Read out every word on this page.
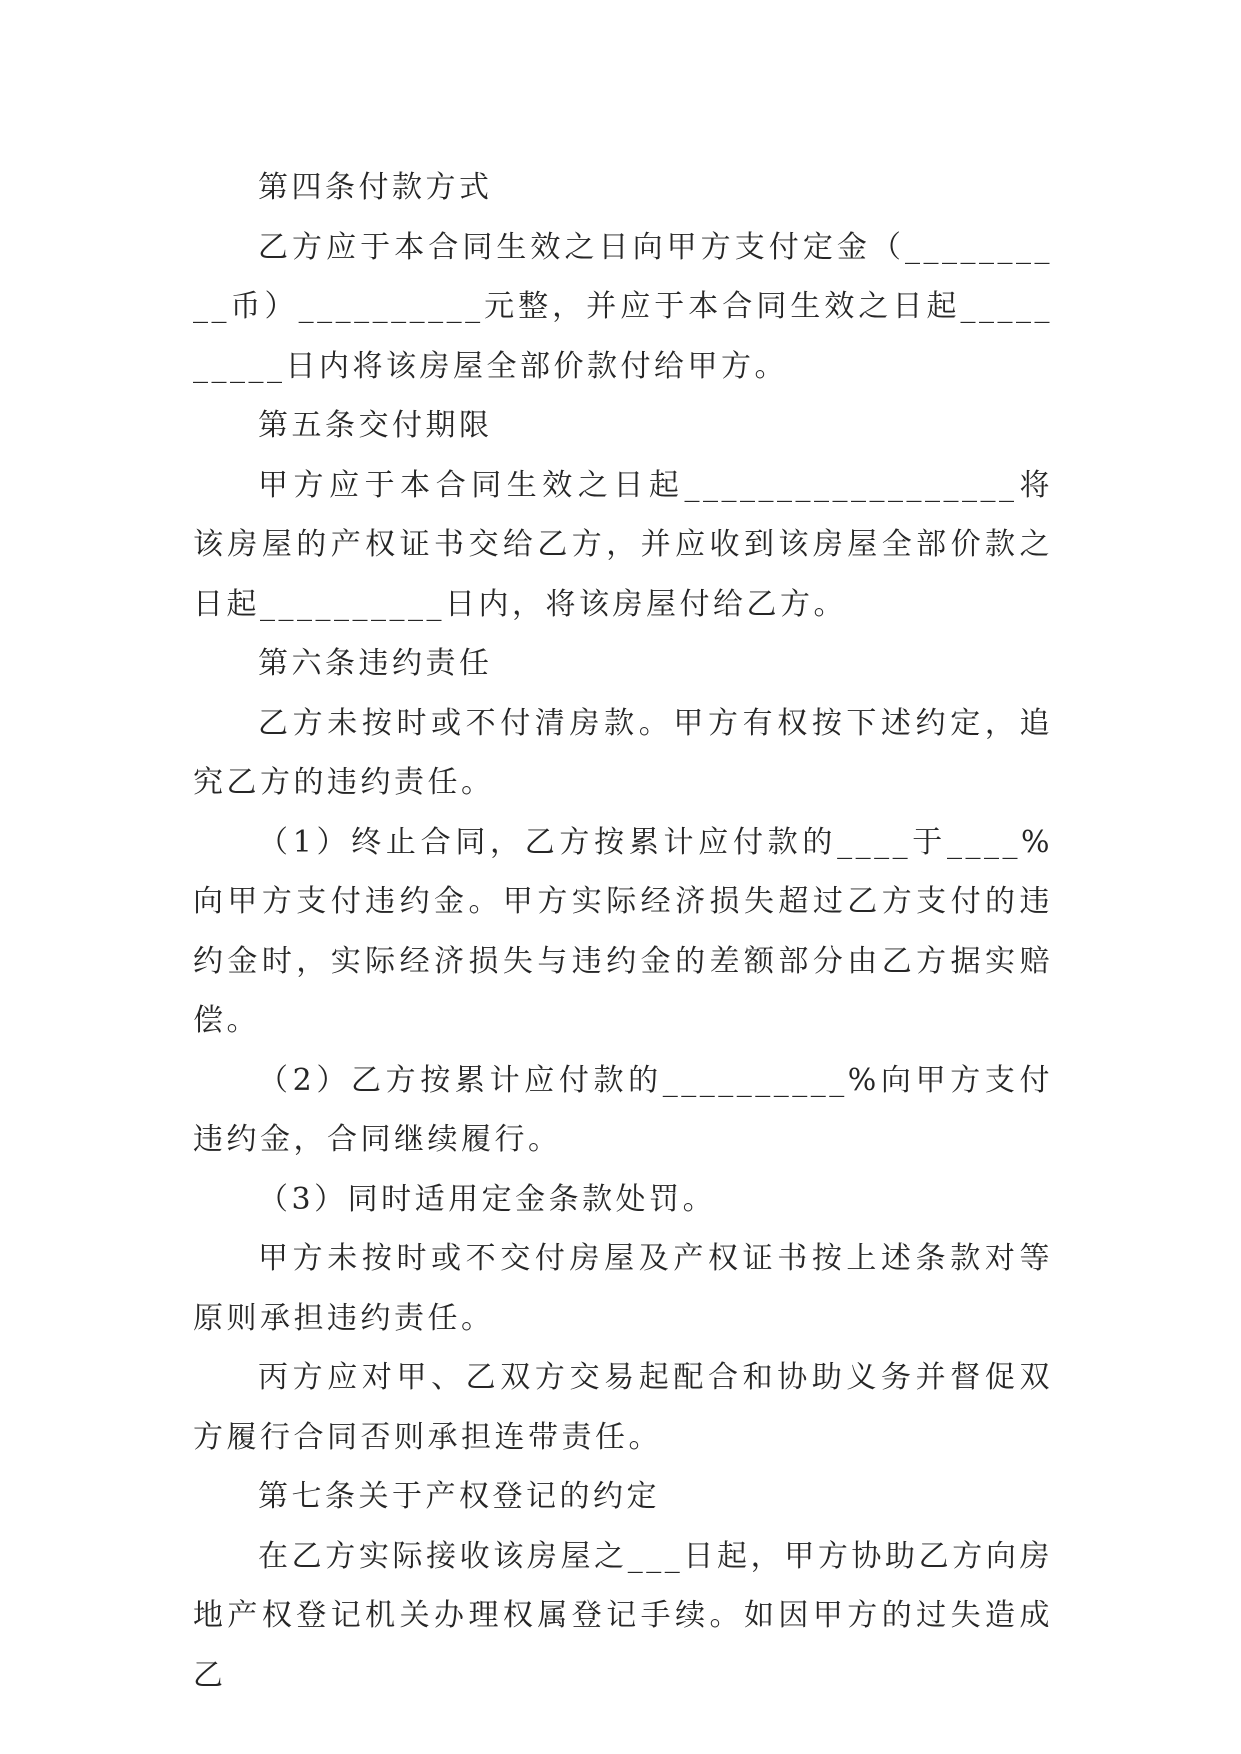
第四条付款方式

乙方应于本合同生效之日向甲方支付定金（__________币）__________元整，并应于本合同生效之日起__________日内将该房屋全部价款付给甲方。

第五条交付期限

甲方应于本合同生效之日起__________________将该房屋的产权证书交给乙方，并应收到该房屋全部价款之日起__________日内，将该房屋付给乙方。

第六条违约责任

乙方未按时或不付清房款。甲方有权按下述约定，追究乙方的违约责任。

（1）终止合同，乙方按累计应付款的____于____%向甲方支付违约金。甲方实际经济损失超过乙方支付的违约金时，实际经济损失与违约金的差额部分由乙方据实赔偿。

（2）乙方按累计应付款的__________%向甲方支付违约金，合同继续履行。

（3）同时适用定金条款处罚。

甲方未按时或不交付房屋及产权证书按上述条款对等原则承担违约责任。

丙方应对甲、乙双方交易起配合和协助义务并督促双方履行合同否则承担连带责任。

第七条关于产权登记的约定

在乙方实际接收该房屋之___日起，甲方协助乙方向房地产权登记机关办理权属登记手续。如因甲方的过失造成乙
